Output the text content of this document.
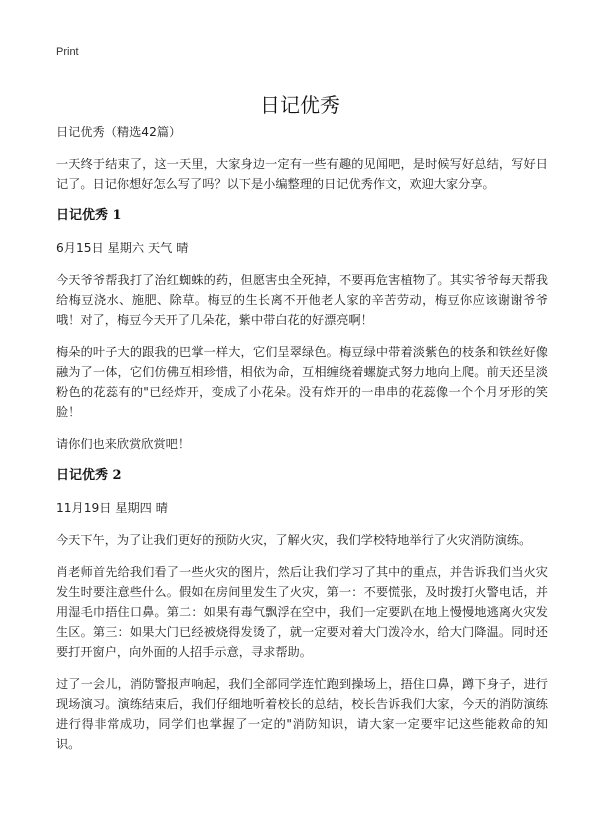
Print
日记优秀

日记优秀（精选42篇）

一天终于结束了，这一天里，大家身边一定有一些有趣的见闻吧，是时候写好总结，写好日记了。日记你想好怎么写了吗？以下是小编整理的日记优秀作文，欢迎大家分享。

日记优秀 1

6月15日 星期六 天气 晴

今天爷爷帮我打了治红蜘蛛的药，但愿害虫全死掉，不要再危害植物了。其实爷爷每天帮我给梅豆浇水、施肥、除草。梅豆的生长离不开他老人家的辛苦劳动，梅豆你应该谢谢爷爷哦！对了，梅豆今天开了几朵花，紫中带白花的好漂亮啊！

梅朵的叶子大的跟我的巴掌一样大，它们呈翠绿色。梅豆绿中带着淡紫色的枝条和铁丝好像融为了一体，它们仿佛互相珍惜，相依为命，互相缠绕着螺旋式努力地向上爬。前天还呈淡粉色的花蕊有的"已经炸开，变成了小花朵。没有炸开的一串串的花蕊像一个个月牙形的笑脸！

请你们也来欣赏欣赏吧！

日记优秀 2

11月19日 星期四 晴

今天下午，为了让我们更好的预防火灾，了解火灾，我们学校特地举行了火灾消防演练。

肖老师首先给我们看了一些火灾的图片，然后让我们学习了其中的重点，并告诉我们当火灾发生时要注意些什么。假如在房间里发生了火灾，第一：不要慌张，及时拨打火警电话，并用湿毛巾捂住口鼻。第二：如果有毒气飘浮在空中，我们一定要趴在地上慢慢地逃离火灾发生区。第三：如果大门已经被烧得发烫了，就一定要对着大门泼冷水，给大门降温。同时还要打开窗户，向外面的人招手示意，寻求帮助。

过了一会儿，消防警报声响起，我们全部同学连忙跑到操场上，捂住口鼻，蹲下身子，进行现场演习。演练结束后，我们仔细地听着校长的总结，校长告诉我们大家，今天的消防演练进行得非常成功，同学们也掌握了一定的"消防知识，请大家一定要牢记这些能救命的知识。
